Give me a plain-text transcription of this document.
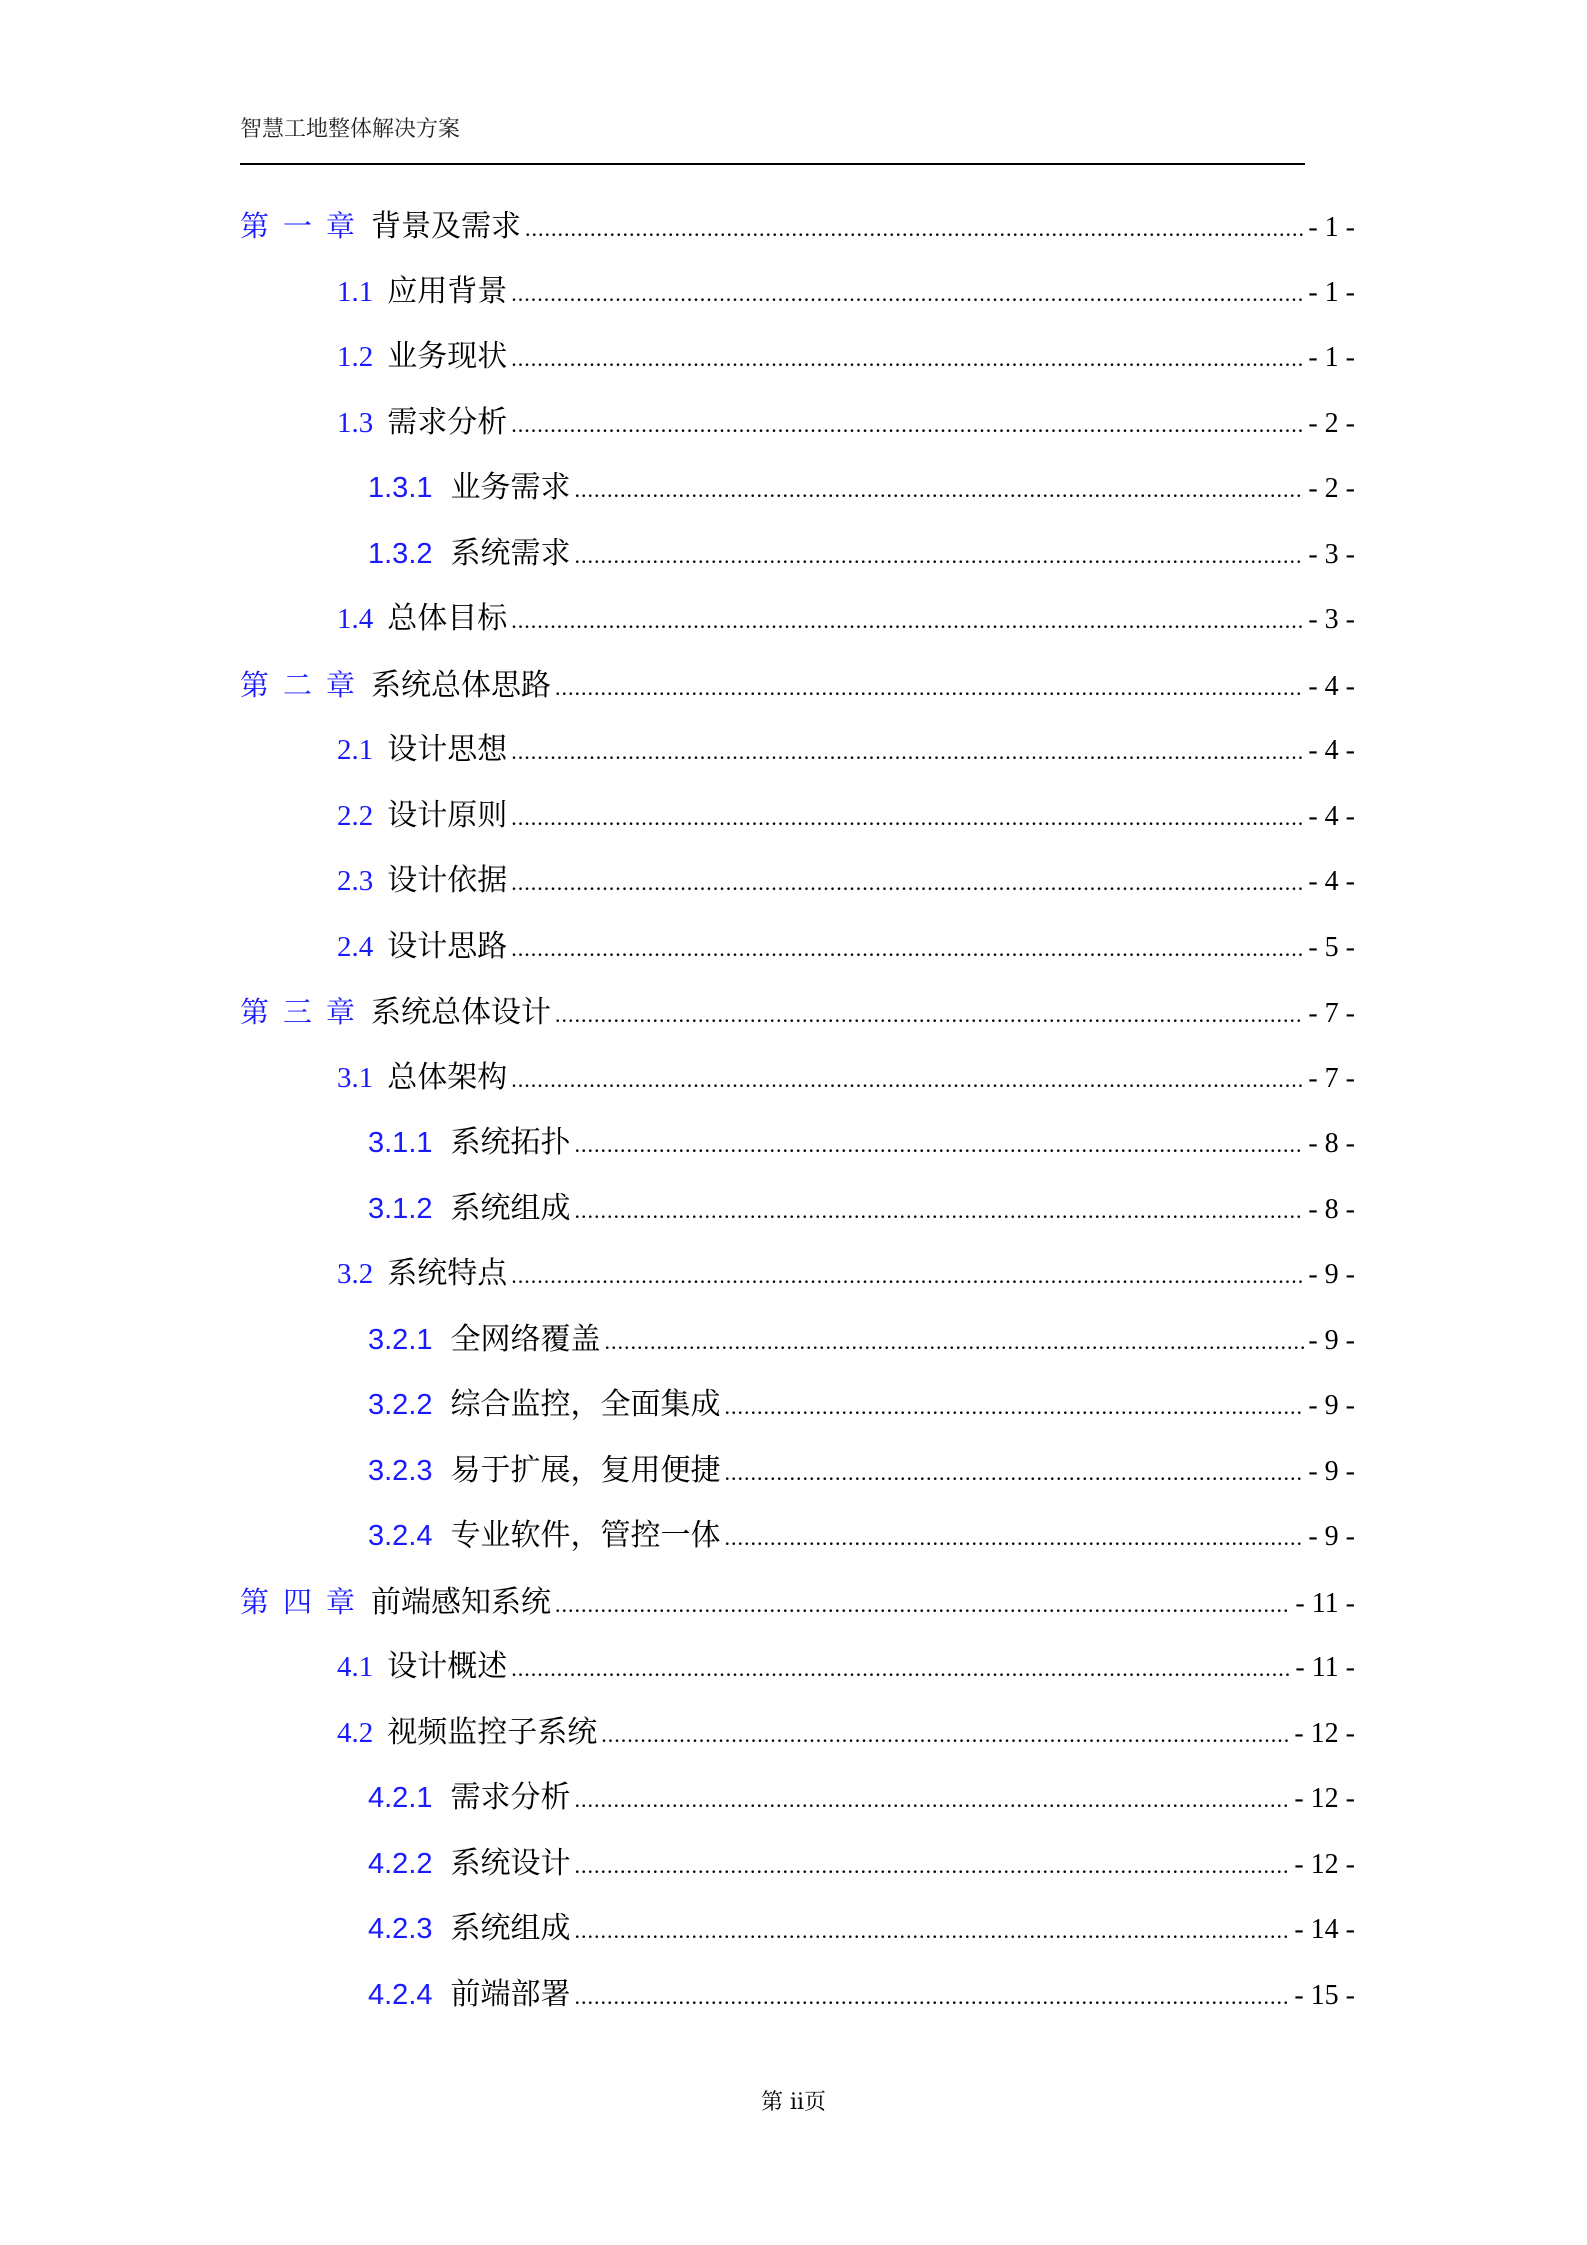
智慧工地整体解决方案
第一章 背景及需求 .....	- 1 -
1.1 应用背景 .....	- 1 -
1.2 业务现状 .....	- 1 -
1.3 需求分析 .....	- 2 -
1.3.1 业务需求 .....	- 2 -
1.3.2 系统需求 .....	- 3 -
1.4 总体目标 .....	- 3 -
第二章 系统总体思路 .....	- 4 -
2.1 设计思想 .....	- 4 -
2.2 设计原则 .....	- 4 -
2.3 设计依据 .....	- 4 -
2.4 设计思路 .....	- 5 -
第三章 系统总体设计 .....	- 7 -
3.1 总体架构 .....	- 7 -
3.1.1 系统拓扑 .....	- 8 -
3.1.2 系统组成 .....	- 8 -
3.2 系统特点 .....	- 9 -
3.2.1 全网络覆盖 .....	- 9 -
3.2.2 综合监控，全面集成 .....	- 9 -
3.2.3 易于扩展，复用便捷 .....	- 9 -
3.2.4 专业软件，管控一体 .....	- 9 -
第四章 前端感知系统 .....	- 11 -
4.1 设计概述 .....	- 11 -
4.2 视频监控子系统 .....	- 12 -
4.2.1 需求分析 .....	- 12 -
4.2.2 系统设计 .....	- 12 -
4.2.3 系统组成 .....	- 14 -
4.2.4 前端部署 .....	- 15 -
第 ii页
